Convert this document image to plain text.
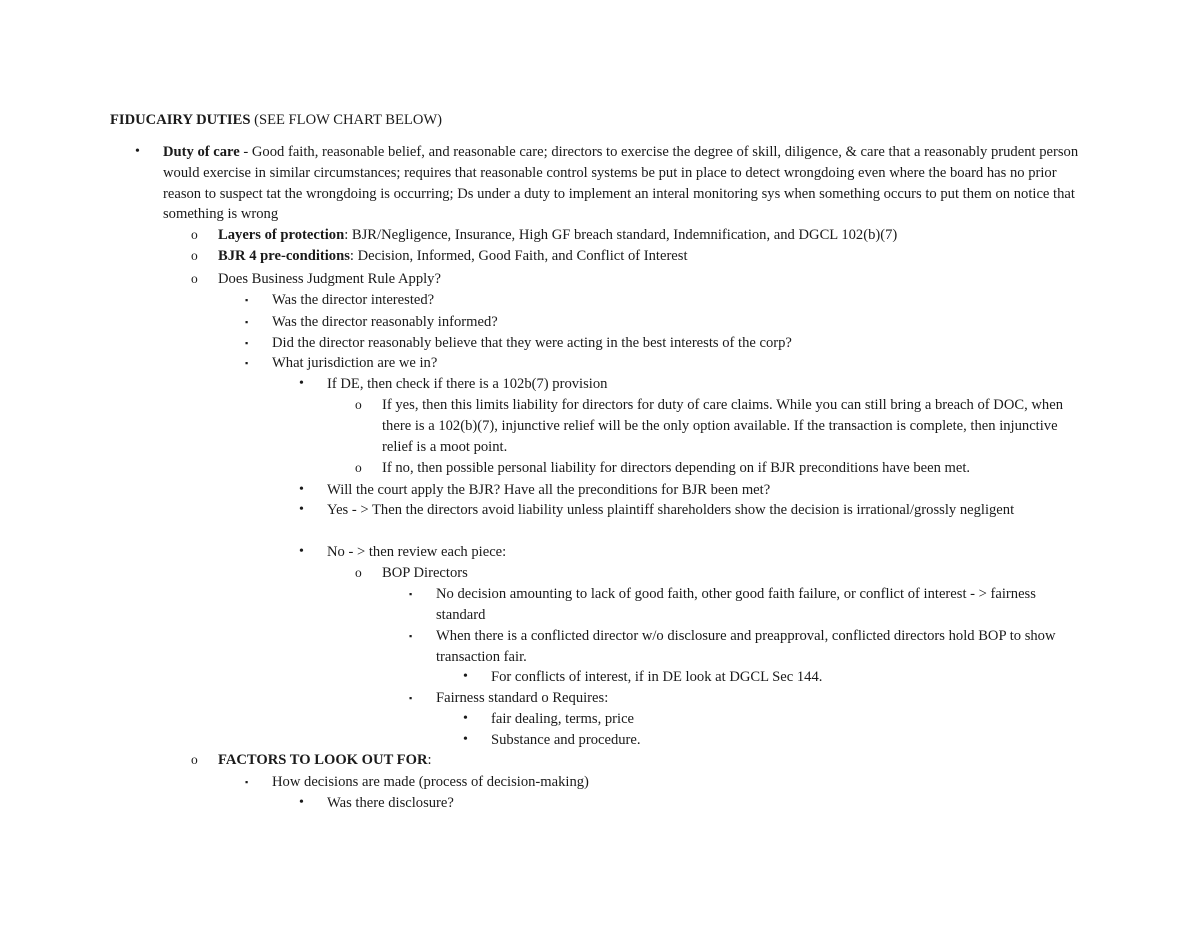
FIDUCAIRY DUTIES (SEE FLOW CHART BELOW)
• Duty of care - Good faith, reasonable belief, and reasonable care; directors to exercise the degree of skill, diligence, & care that a reasonably prudent person would exercise in similar circumstances; requires that reasonable control systems be put in place to detect wrongdoing even where the board has no prior reason to suspect tat the wrongdoing is occurring; Ds under a duty to implement an interal monitoring sys when something occurs to put them on notice that something is wrong
o Layers of protection: BJR/Negligence, Insurance, High GF breach standard, Indemnification, and DGCL 102(b)(7)
o BJR 4 pre-conditions: Decision, Informed, Good Faith, and Conflict of Interest
o Does Business Judgment Rule Apply?
▪ Was the director interested?
▪ Was the director reasonably informed?
▪ Did the director reasonably believe that they were acting in the best interests of the corp?
▪ What jurisdiction are we in?
• If DE, then check if there is a 102b(7) provision
o If yes, then this limits liability for directors for duty of care claims. While you can still bring a breach of DOC, when there is a 102(b)(7), injunctive relief will be the only option available. If the transaction is complete, then injunctive relief is a moot point.
o If no, then possible personal liability for directors depending on if BJR preconditions have been met.
• Will the court apply the BJR? Have all the preconditions for BJR been met?
• Yes - > Then the directors avoid liability unless plaintiff shareholders show the decision is irrational/grossly negligent
• No - > then review each piece:
o BOP Directors
▪ No decision amounting to lack of good faith, other good faith failure, or conflict of interest - > fairness standard
▪ When there is a conflicted director w/o disclosure and preapproval, conflicted directors hold BOP to show transaction fair.
• For conflicts of interest, if in DE look at DGCL Sec 144.
▪ Fairness standard o Requires:
• fair dealing, terms, price
• Substance and procedure.
o FACTORS TO LOOK OUT FOR:
▪ How decisions are made (process of decision-making)
• Was there disclosure?
